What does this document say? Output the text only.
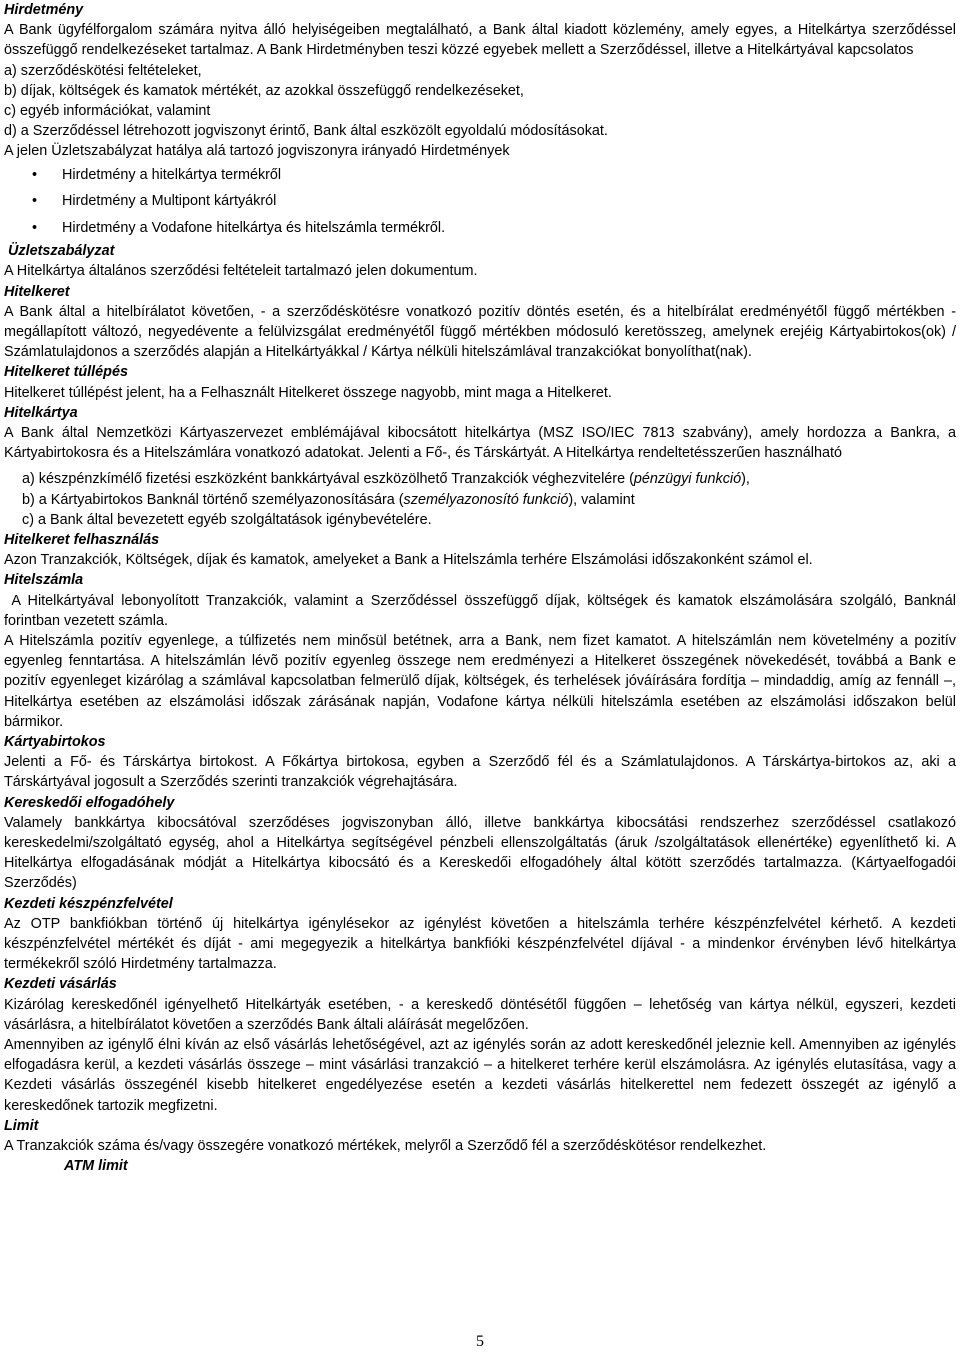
Hirdetmény

A Bank ügyfélforgalom számára nyitva álló helyiségeiben megtalálható, a Bank által kiadott közlemény, amely egyes, a Hitelkártya szerződéssel összefüggő rendelkezéseket tartalmaz. A Bank Hirdetményben teszi közzé egyebek mellett a Szerződéssel, illetve a Hitelkártyával kapcsolatos

a) szerződéskötési feltételeket,
b) díjak, költségek és kamatok mértékét, az azokkal összefüggő rendelkezéseket,
c) egyéb információkat, valamint
d) a Szerződéssel létrehozott jogviszonyt érintő, Bank által eszközölt egyoldalú módosításokat.

A jelen Üzletszabályzat hatálya alá tartozó jogviszonyra irányadó Hirdetmények

• Hirdetmény a hitelkártya termékről
• Hirdetmény a Multipont kártyákról
• Hirdetmény a Vodafone hitelkártya és hitelszámla termékről.

Üzletszabályzat

A Hitelkártya általános szerződési feltételeit tartalmazó jelen dokumentum.

Hitelkeret

A Bank által a hitelbírálatot követően, - a szerződéskötésre vonatkozó pozitív döntés esetén, és a hitelbírálat eredményétől függő mértékben - megállapított változó, negyedévente a felülvizsgálat eredményétől függő mértékben módosuló keretösszeg, amelynek erejéig Kártyabirtokos(ok) / Számlatulajdonos a szerződés alapján a Hitelkártyákkal / Kártya nélküli hitelszámlával tranzakciókat bonyolíthat(nak).

Hitelkeret túllépés

Hitelkeret túllépést jelent, ha a Felhasznált Hitelkeret összege nagyobb, mint maga a Hitelkeret.

Hitelkártya

A Bank által Nemzetközi Kártyaszervezet emblémájával kibocsátott hitelkártya (MSZ ISO/IEC 7813 szabvány), amely hordozza a Bankra, a Kártyabirtokosra és a Hitelszámlára vonatkozó adatokat. Jelenti a Fő-, és Társkártyát. A Hitelkártya rendeltetésszerűen használható

a) készpénzkímélő fizetési eszközként bankkártyával eszközölhető Tranzakciók véghezvitelére (pénzügyi funkció),
b) a Kártyabirtokos Banknál történő személyazonosítására (személyazonosító funkció), valamint
c) a Bank által bevezetett egyéb szolgáltatások igénybevételére.

Hitelkeret felhasználás

Azon Tranzakciók, Költségek, díjak és kamatok, amelyeket a Bank a Hitelszámla terhére Elszámolási időszakonként számol el.

Hitelszámla

A Hitelkártyával lebonyolított Tranzakciók, valamint a Szerződéssel összefüggő díjak, költségek és kamatok elszámolására szolgáló, Banknál forintban vezetett számla.

A Hitelszámla pozitív egyenlege, a túlfizetés nem minősül betétnek, arra a Bank, nem fizet kamatot. A hitelszámlán nem követelmény a pozitív egyenleg fenntartása. A hitelszámlán lévõ pozitív egyenleg összege nem eredményezi a Hitelkeret összegének növekedését, továbbá a Bank e pozitív egyenleget kizárólag a számlával kapcsolatban felmerülő díjak, költségek, és terhelések jóváírására fordítja – mindaddig, amíg az fennáll –, Hitelkártya esetében az elszámolási időszak zárásának napján, Vodafone kártya nélküli hitelszámla esetében az elszámolási időszakon belül bármikor.

Kártyabirtokos

Jelenti a Fő- és Társkártya birtokost. A Főkártya birtokosa, egyben a Szerződő fél és a Számlatulajdonos. A Társkártya-birtokos az, aki a Társkártyával jogosult a Szerződés szerinti tranzakciók végrehajtására.

Kereskedői elfogadóhely

Valamely bankkártya kibocsátóval szerződéses jogviszonyban álló, illetve bankkártya kibocsátási rendszerhez szerződéssel csatlakozó kereskedelmi/szolgáltató egység, ahol a Hitelkártya segítségével pénzbeli ellenszolgáltatás (áruk /szolgáltatások ellenértéke) egyenlíthető ki. A Hitelkártya elfogadásának módját a Hitelkártya kibocsátó és a Kereskedői elfogadóhely által kötött szerződés tartalmazza. (Kártyaelfogadói Szerződés)

Kezdeti készpénzfelvétel

Az OTP bankfiókban történő új hitelkártya igénylésekor az igénylést követően a hitelszámla terhére készpénzfelvétel kérhető. A kezdeti készpénzfelvétel mértékét és díját - ami megegyezik a hitelkártya bankfióki készpénzfelvétel díjával - a mindenkor érvényben lévő hitelkártya termékekről szóló Hirdetmény tartalmazza.

Kezdeti vásárlás

Kizárólag kereskedőnél igényelhető Hitelkártyák esetében, - a kereskedő döntésétől függően – lehetőség van kártya nélkül, egyszeri, kezdeti vásárlásra, a hitelbírálatot követően a szerződés Bank általi aláírását megelőzően.

Amennyiben az igénylő élni kíván az első vásárlás lehetőségével, azt az igénylés során az adott kereskedőnél jeleznie kell. Amennyiben az igénylés elfogadásra kerül, a kezdeti vásárlás összege – mint vásárlási tranzakció – a hitelkeret terhére kerül elszámolásra. Az igénylés elutasítása, vagy a Kezdeti vásárlás összegénél kisebb hitelkeret engedélyezése esetén a kezdeti vásárlás hitelkerettel nem fedezett összegét az igénylő a kereskedőnek tartozik megfizetni.

Limit

A Tranzakciók száma és/vagy összegére vonatkozó mértékek, melyről a Szerződő fél a szerződéskötésor rendelkezhet.

ATM limit

5
